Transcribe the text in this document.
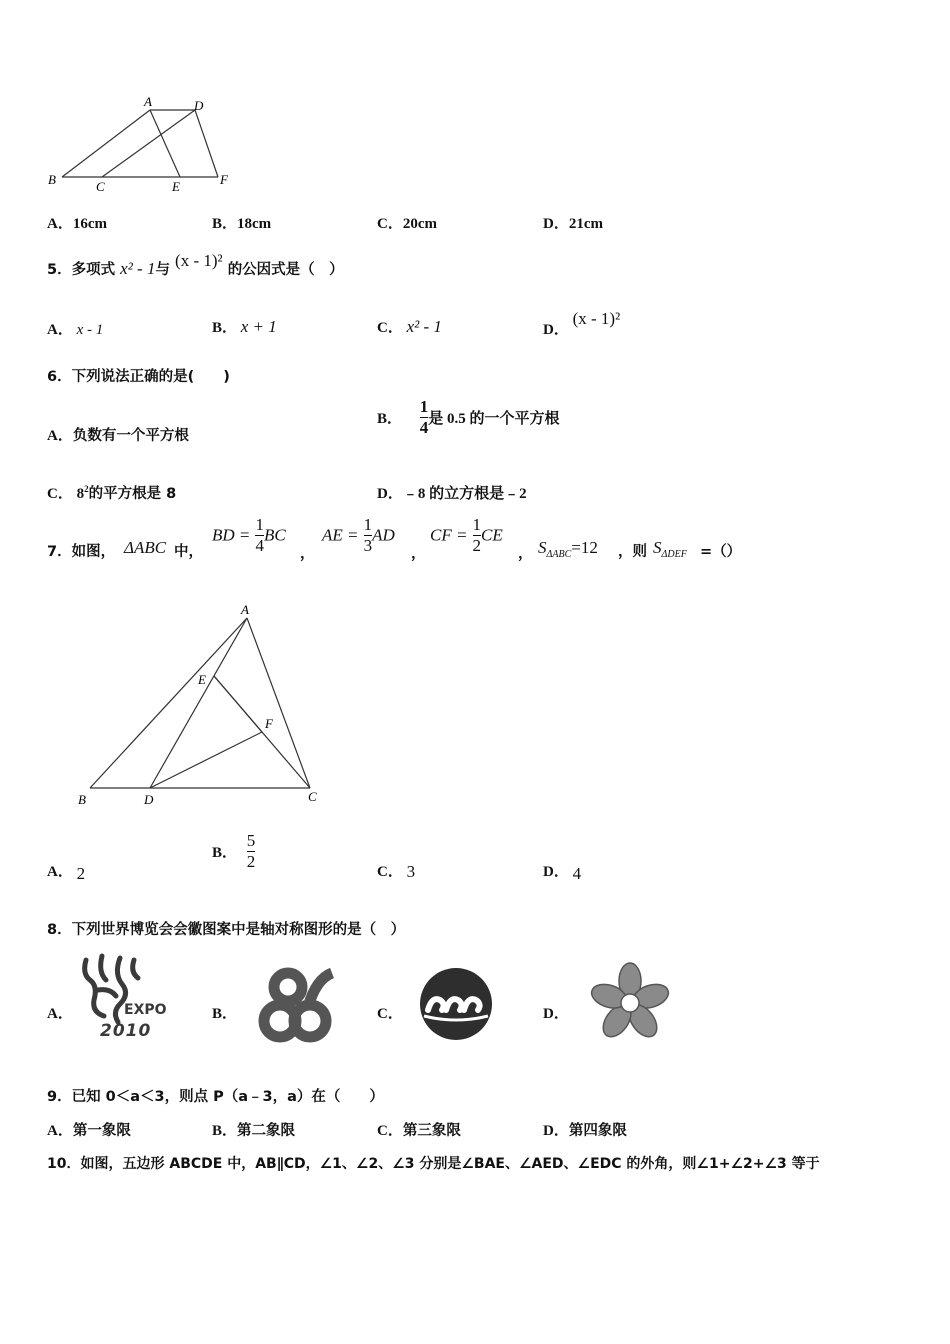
A	D
B	C	E	F
A．16cm	B．18cm	C．20cm	D．21cm
5．多项式 x² - 1与 (x - 1)² 的公因式是（　）
A． x - 1	B． x + 1	C． x² - 1	D． (x - 1)²
6．下列说法正确的是(　　)
A．负数有一个平方根
B． $\frac{1}{4}$ 是 0.5 的一个平方根
C． $8^2$的平方根是 8	D．﹣8 的立方根是﹣2
7．如图， ΔABC 中，
BD = $\frac{1}{4}$ BC
，
AE = $\frac{1}{3}$ AD
，
CF = $\frac{1}{2}$ CE
， $S_{\Delta ABC}=12$ ，则 $S_{\Delta DEF}$ =（）
A
E
F
B	D	C
A． 2
B． $\frac{5}{2}$
C． 3	D． 4
8．下列世界博览会会徽图案中是轴对称图形的是（　）
A．	B．	C．	D．
EXPO
2010
9．已知 0＜a＜3，则点 P（a﹣3，a）在（　　）
A．第一象限	B．第二象限	C．第三象限	D．第四象限
10．如图，五边形 ABCDE 中，AB∥CD，∠1、∠2、∠3 分别是∠BAE、∠AED、∠EDC 的外角，则∠1+∠2+∠3 等于
